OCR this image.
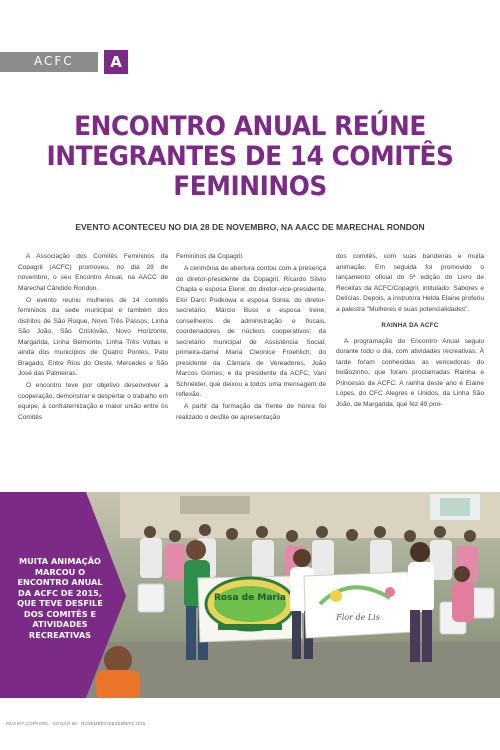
ACFC	A
ENCONTRO ANUAL REÚNE
INTEGRANTES DE 14 COMITÊS
FEMININOS
EVENTO ACONTECEU NO DIA 28 DE NOVEMBRO, NA AACC DE MARECHAL RONDON

A Associação dos Comitês Femininos da Copagril (ACFC) promoveu, no dia 28 de novembro, o seu Encontro Anual, na AACC de Marechal Cândido Rondon.

O evento reuniu mulheres de 14 comitês femininos da sede municipal e também dos distritos de São Roque, Novo Três Passos, Linha São João, São Cristóvão, Novo Horizonte, Margarida, Linha Belmonte, Linha Três Voltas e ainda dos municípios de Quatro Pontes, Pato Bragado, Entre Rios do Oeste, Mercedes e São José das Palmeiras.

O encontro teve por objetivo desenvolver a cooperação, demonstrar e despertar o trabalho em equipe, a confraternização e maior união entre os Comitês

Femininos da Copagril.

A cerimônia de abertura contou com a presença do diretor-presidente da Copagril, Ricardo Sílvio Chapla e esposa Elenir, do diretor-vice-presidente, Elói Darci Podkowa e esposa Sonia; do diretor-secretário, Márcio Buss e esposa Irene; conselheiros de administração e fiscais, coordenadores de núcleos cooperativos; da secretário municipal de Assistência Social, primeira-dama Maria Cleonice Froehlich; do presidente da Câmara de Vereadores, João Marcos Gomes; e da presidente da ACFC, Vani Schneider, que deixou a todos uma mensagem de reflexão.

A partir da formação da frente de honra foi realizado o desfile de apresentação

dos comitês, com suas bandeiras e muita animação. Em seguida foi promovido o lançamento oficial do 5ª edição do Livro de Receitas da ACFC/Copagril, intitulado: Sabores e Delícias. Depois, a instrutora Helda Elaine proferiu a palestra "Mulheres e suas potencialidades".

RAINHA DA ACFC

A programação do Encontro Anual seguiu durante todo o dia, com atividades recreativas. À tarde foram conhecidas as vencedoras do bolãozinho, que foram proclamadas Rainha e Princesas da ACFC. A rainha deste ano é Elaine Lopes, do CFC Alegres e Unidos, da Linha São João, de Margarida, que fez 49 pon-

Rosa de Maria
Flor de Lis
MUITA ANIMAÇÃO MARCOU O ENCONTRO ANUAL DA ACFC DE 2015, QUE TEVE DESFILE DOS COMITÊS E ATIVIDADES RECREATIVAS
REVISTA COPAGRIL - EDIÇÃO 89 - NOVEMBRO/DEZEMBRO 2015
